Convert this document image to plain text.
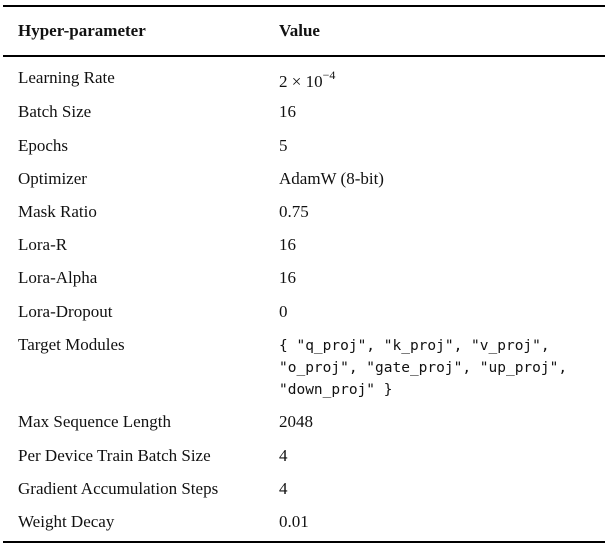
Hyper-parameter	Value
Learning Rate	$2 \times 10^{-4}$
Batch Size	16
Epochs	5
Optimizer	AdamW (8-bit)
Mask Ratio	0.75
Lora-R	16
Lora-Alpha	16
Lora-Dropout	0
Target Modules	{ "q_proj", "k_proj", "v_proj",
"o_proj", "gate_proj", "up_proj",
"down_proj" }
Max Sequence Length	2048
Per Device Train Batch Size	4
Gradient Accumulation Steps	4
Weight Decay	0.01
